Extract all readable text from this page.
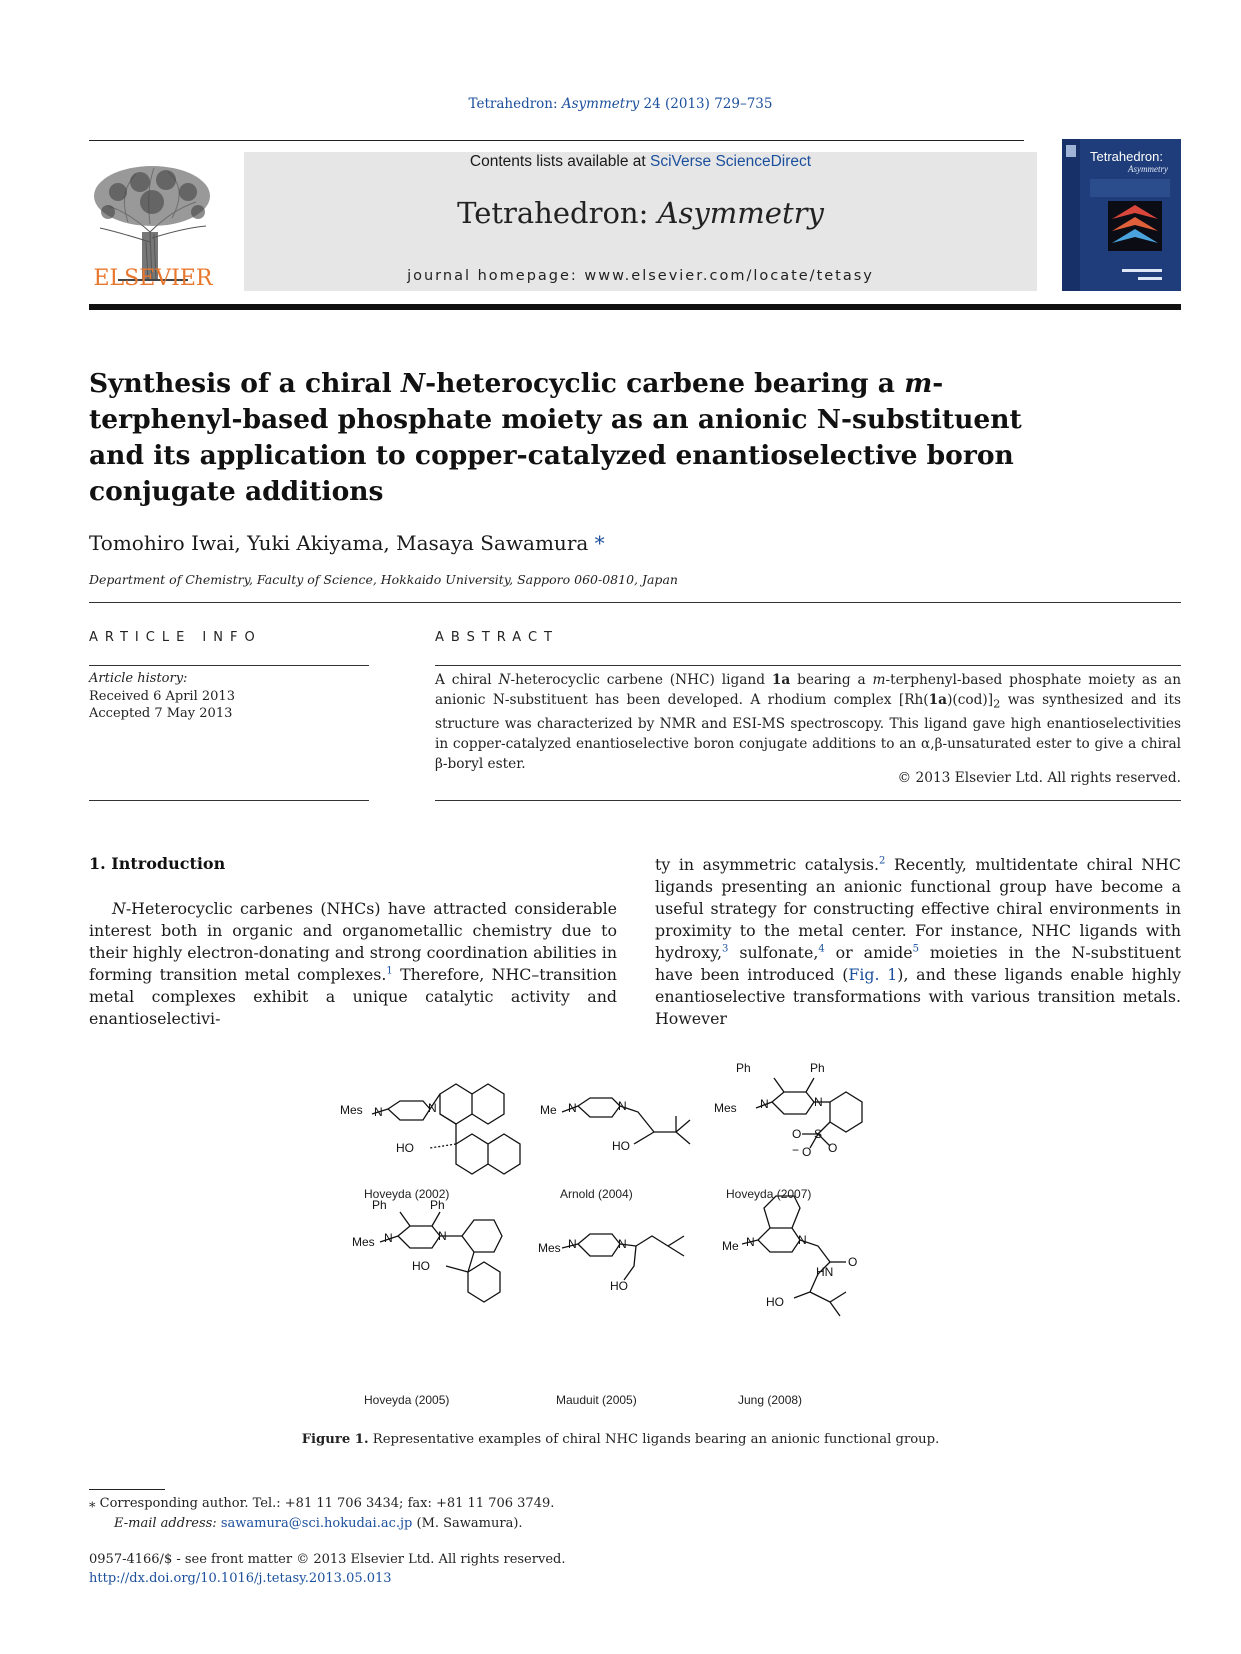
Tetrahedron: Asymmetry 24 (2013) 729–735
ELSEVIER
Contents lists available at SciVerse ScienceDirect
Tetrahedron: Asymmetry
journal homepage: www.elsevier.com/locate/tetasy
Tetrahedron:
Asymmetry
Synthesis of a chiral N-heterocyclic carbene bearing a m-terphenyl-based phosphate moiety as an anionic N-substituent and its application to copper-catalyzed enantioselective boron conjugate additions
Tomohiro Iwai, Yuki Akiyama, Masaya Sawamura *
Department of Chemistry, Faculty of Science, Hokkaido University, Sapporo 060-0810, Japan
ARTICLE INFO	ABSTRACT
Article history:
Received 6 April 2013
Accepted 7 May 2013
A chiral N-heterocyclic carbene (NHC) ligand 1a bearing a m-terphenyl-based phosphate moiety as an anionic N-substituent has been developed. A rhodium complex $[Rh(1a)(cod)]_2$ was synthesized and its structure was characterized by NMR and ESI-MS spectroscopy. This ligand gave high enantioselectivities in copper-catalyzed enantioselective boron conjugate additions to an α,β-unsaturated ester to give a chiral β-boryl ester.
© 2013 Elsevier Ltd. All rights reserved.
1. Introduction
N-Heterocyclic carbenes (NHCs) have attracted considerable interest both in organic and organometallic chemistry due to their highly electron-donating and strong coordination abilities in forming transition metal complexes.$^1$ Therefore, NHC–transition metal complexes exhibit a unique catalytic activity and enantioselectivi-
ty in asymmetric catalysis.$^2$ Recently, multidentate chiral NHC ligands presenting an anionic functional group have become a useful strategy for constructing effective chiral environments in proximity to the metal center. For instance, NHC ligands with hydroxy,$^3$ sulfonate,$^4$ or amide$^5$ moieties in the N-substituent have been introduced (Fig. 1), and these ligands enable highly enantioselective transformations with various transition metals. However
Mes N	N
HO
Me N	N
HO
Ph	Ph
Mes N	N
O S
O
− O
Ph	Ph
Mes N	N
HO
Mes N	N
HO
Me N	N
HN
O
HO
Hoveyda (2002)	Arnold (2004)	Hoveyda (2007)
Hoveyda (2005)	Mauduit (2005)	Jung (2008)
Figure 1. Representative examples of chiral NHC ligands bearing an anionic functional group.
⁎ Corresponding author. Tel.: +81 11 706 3434; fax: +81 11 706 3749.
E-mail address: sawamura@sci.hokudai.ac.jp (M. Sawamura).
0957-4166/$ - see front matter © 2013 Elsevier Ltd. All rights reserved.
http://dx.doi.org/10.1016/j.tetasy.2013.05.013
